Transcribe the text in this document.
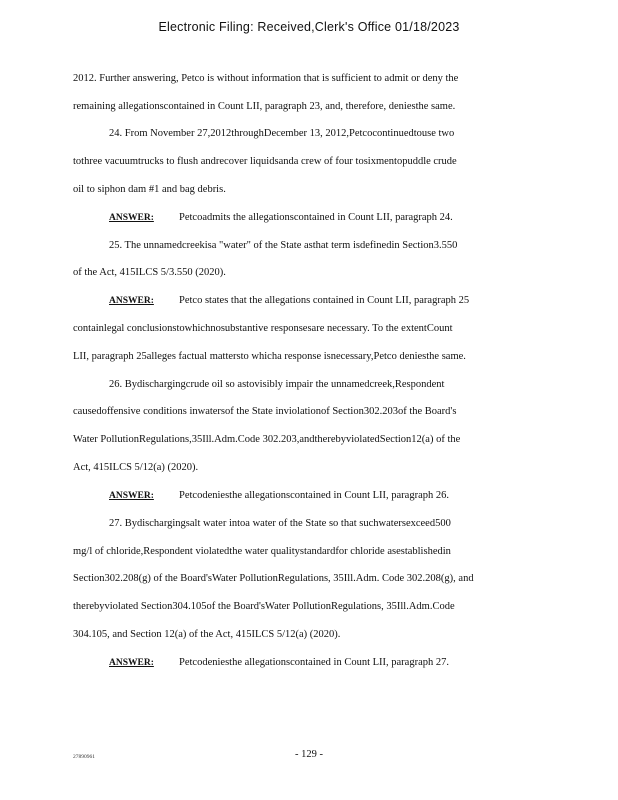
Electronic Filing: Received,Clerk's Office 01/18/2023
2012. Further answering, Petco is without information that is sufficient to admit or deny the
remaining allegationscontained in Count LII, paragraph 23, and, therefore, deniesthe same.
24. From November 27,2012throughDecember 13, 2012,Petcocontinuedtouse two
tothree vacuumtrucks to flush andrecover liquidsanda crew of four tosixmentopuddle crude
oil to siphon dam #1 and bag debris.
ANSWER: Petcoadmits the allegationscontained in Count LII, paragraph 24.
25. The unnamedcreekisa "water" of the State asthat term isdefinedin Section3.550
of the Act, 415ILCS 5/3.550 (2020).
ANSWER: Petco states that the allegations contained in Count LII, paragraph 25
containlegal conclusionstowhichnosubstantive responsesare necessary. To the extentCount
LII, paragraph 25alleges factual mattersto whicha response isnecessary,Petco deniesthe same.
26. Bydischargingcrude oil so astovisibly impair the unnamedcreek,Respondent
causedoffensive conditions inwatersof the State inviolationof Section302.203of the Board's
Water PollutionRegulations,35Ill.Adm.Code 302.203,andtherebyviolatedSection12(a) of the
Act, 415ILCS 5/12(a) (2020).
ANSWER: Petcodeniesthe allegationscontained in Count LII, paragraph 26.
27. Bydischargingsalt water intoa water of the State so that suchwatersexceed500
mg/l of chloride,Respondent violatedthe water qualitystandardfor chloride asestablishedin
Section302.208(g) of the Board'sWater PollutionRegulations, 35Ill.Adm. Code 302.208(g), and
therebyviolated Section304.105of the Board'sWater PollutionRegulations, 35Ill.Adm.Code
304.105, and Section 12(a) of the Act, 415ILCS 5/12(a) (2020).
ANSWER: Petcodeniesthe allegationscontained in Count LII, paragraph 27.
27890961	- 129 -
